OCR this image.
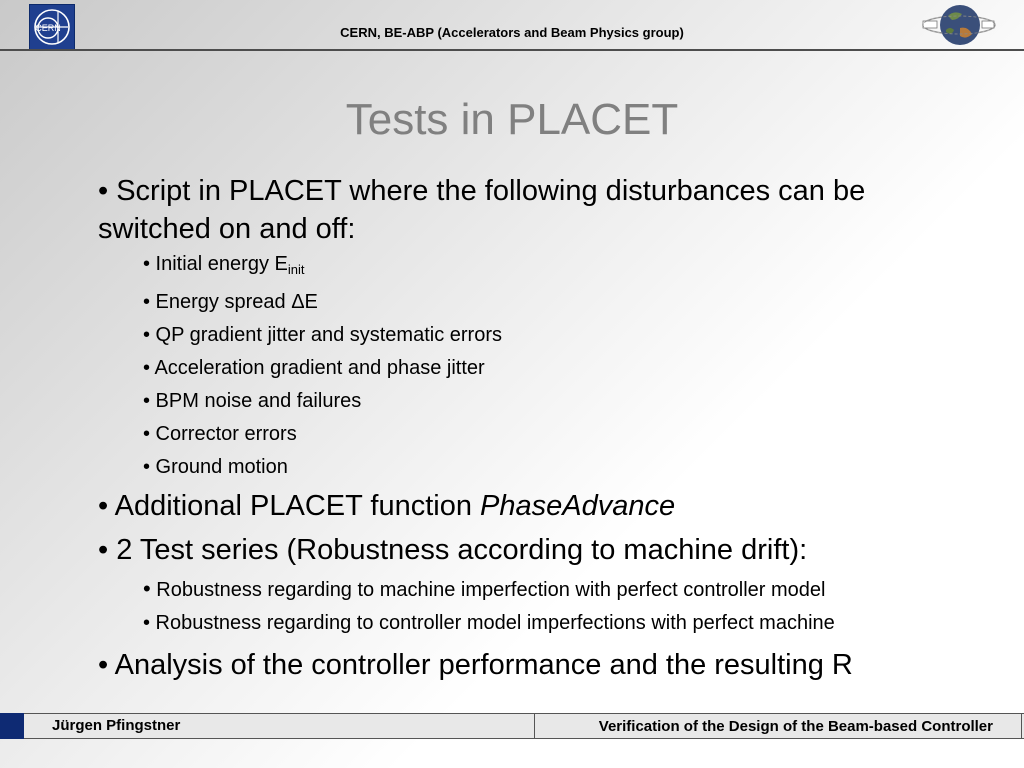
CERN	CERN, BE-ABP (Accelerators and Beam Physics group)
Tests in PLACET
• Script in PLACET where the following disturbances can be switched on and off:
• Initial energy $E_{init}$
• Energy spread ΔE
• QP gradient jitter and systematic errors
• Acceleration gradient and phase jitter
• BPM noise and failures
• Corrector errors
• Ground motion
• Additional PLACET function PhaseAdvance
• 2 Test series (Robustness according to machine drift):
• Robustness regarding to machine imperfection with perfect controller model
• Robustness regarding to controller model imperfections with perfect machine
• Analysis of the controller performance and the resulting R
Jürgen Pfingstner	Verification of the Design of the Beam-based Controller
